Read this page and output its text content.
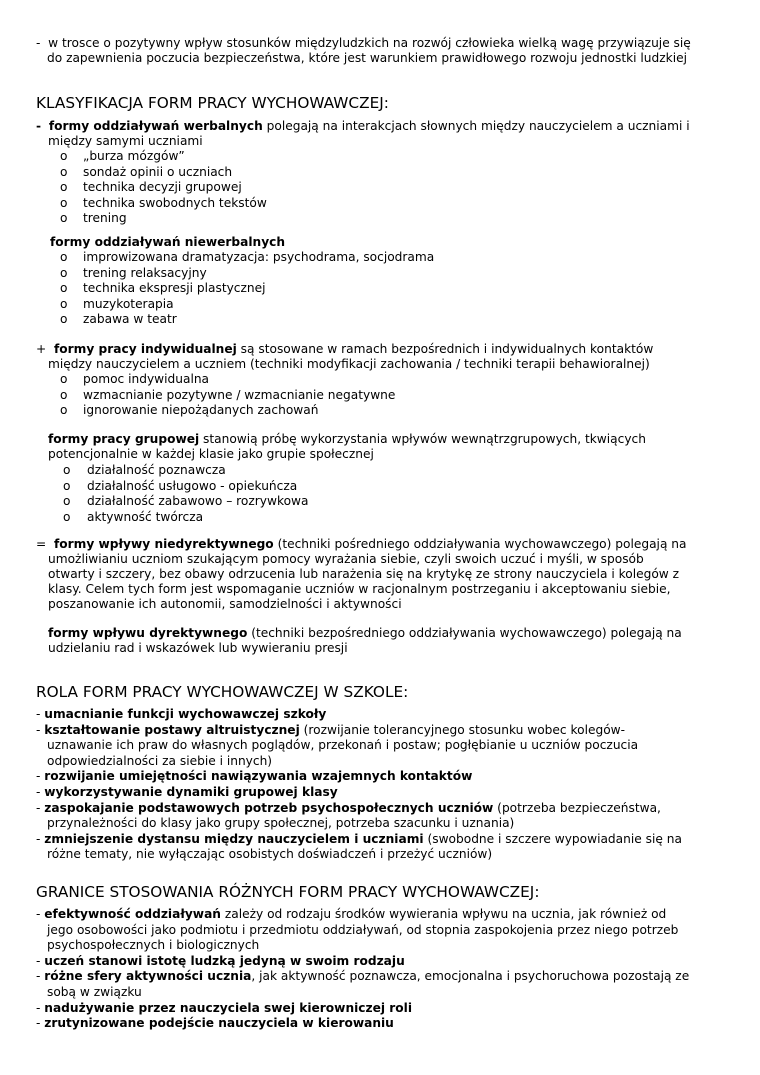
- w trosce o pozytywny wpływ stosunków międzyludzkich na rozwój człowieka wielką wagę przywiązuje się
do zapewnienia poczucia bezpieczeństwa, które jest warunkiem prawidłowego rozwoju jednostki ludzkiej
KLASYFIKACJA FORM PRACY WYCHOWAWCZEJ:
- formy oddziaływań werbalnych polegają na interakcjach słownych między nauczycielem a uczniami i
między samymi uczniami
formy oddziaływań niewerbalnych
+ formy pracy indywidualnej są stosowane w ramach bezpośrednich i indywidualnych kontaktów
między nauczycielem a uczniem (techniki modyfikacji zachowania / techniki terapii behawioralnej)
formy pracy grupowej stanowią próbę wykorzystania wpływów wewnątrzgrupowych, tkwiących
potencjonalnie w każdej klasie jako grupie społecznej
= formy wpływy niedyrektywnego (techniki pośredniego oddziaływania wychowawczego) polegają na
umożliwianiu uczniom szukającym pomocy wyrażania siebie, czyli swoich uczuć i myśli, w sposób
otwarty i szczery, bez obawy odrzucenia lub narażenia się na krytykę ze strony nauczyciela i kolegów z
klasy. Celem tych form jest wspomaganie uczniów w racjonalnym postrzeganiu i akceptowaniu siebie,
poszanowanie ich autonomii, samodzielności i aktywności
formy wpływu dyrektywnego (techniki bezpośredniego oddziaływania wychowawczego) polegają na
udzielaniu rad i wskazówek lub wywieraniu presji
ROLA FORM PRACY WYCHOWAWCZEJ W SZKOLE:
GRANICE STOSOWANIA RÓŻNYCH FORM PRACY WYCHOWAWCZEJ:
o „burza mózgów”
o sondaż opinii o uczniach
o technika decyzji grupowej
o technika swobodnych tekstów
o trening
o improwizowana dramatyzacja: psychodrama, socjodrama
o trening relaksacyjny
o technika ekspresji plastycznej
o muzykoterapia
o zabawa w teatr
o pomoc indywidualna
o wzmacnianie pozytywne / wzmacnianie negatywne
o ignorowanie niepożądanych zachowań
o działalność poznawcza
o działalność usługowo - opiekuńcza
o działalność zabawowo – rozrywkowa
o aktywność twórcza
- umacnianie funkcji wychowawczej szkoły
- kształtowanie postawy altruistycznej (rozwijanie tolerancyjnego stosunku wobec kolegów-
uznawanie ich praw do własnych poglądów, przekonań i postaw; pogłębianie u uczniów poczucia
odpowiedzialności za siebie i innych)
- rozwijanie umiejętności nawiązywania wzajemnych kontaktów
- wykorzystywanie dynamiki grupowej klasy
- zaspokajanie podstawowych potrzeb psychospołecznych uczniów (potrzeba bezpieczeństwa,
przynależności do klasy jako grupy społecznej, potrzeba szacunku i uznania)
- zmniejszenie dystansu między nauczycielem i uczniami (swobodne i szczere wypowiadanie się na
różne tematy, nie wyłączając osobistych doświadczeń i przeżyć uczniów)
- efektywność oddziaływań zależy od rodzaju środków wywierania wpływu na ucznia, jak również od
jego osobowości jako podmiotu i przedmiotu oddziaływań, od stopnia zaspokojenia przez niego potrzeb
psychospołecznych i biologicznych
- uczeń stanowi istotę ludzką jedyną w swoim rodzaju
- różne sfery aktywności ucznia, jak aktywność poznawcza, emocjonalna i psychoruchowa pozostają ze
sobą w związku
- nadużywanie przez nauczyciela swej kierowniczej roli
- zrutynizowane podejście nauczyciela w kierowaniu
